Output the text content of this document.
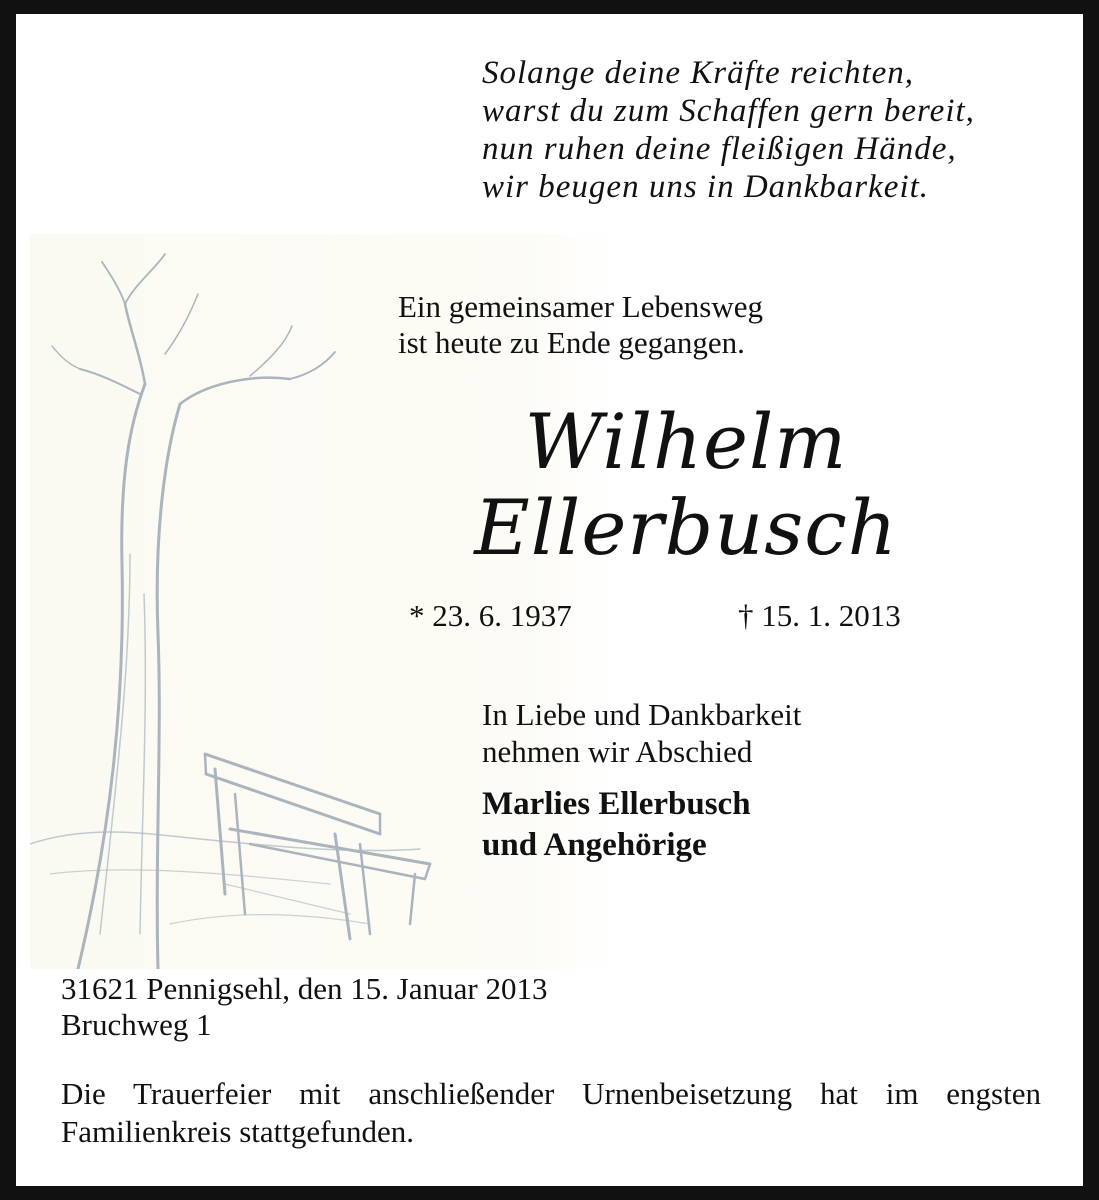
Solange deine Kräfte reichten,
warst du zum Schaffen gern bereit,
nun ruhen deine fleißigen Hände,
wir beugen uns in Dankbarkeit.
Ein gemeinsamer Lebensweg
ist heute zu Ende gegangen.
Wilhelm
Ellerbusch
* 23. 6. 1937	† 15. 1. 2013
In Liebe und Dankbarkeit
nehmen wir Abschied
Marlies Ellerbusch
und Angehörige
31621 Pennigsehl, den 15. Januar 2013
Bruchweg 1
Die Trauerfeier mit anschließender Urnenbeisetzung hat im engsten Familienkreis stattgefunden.
